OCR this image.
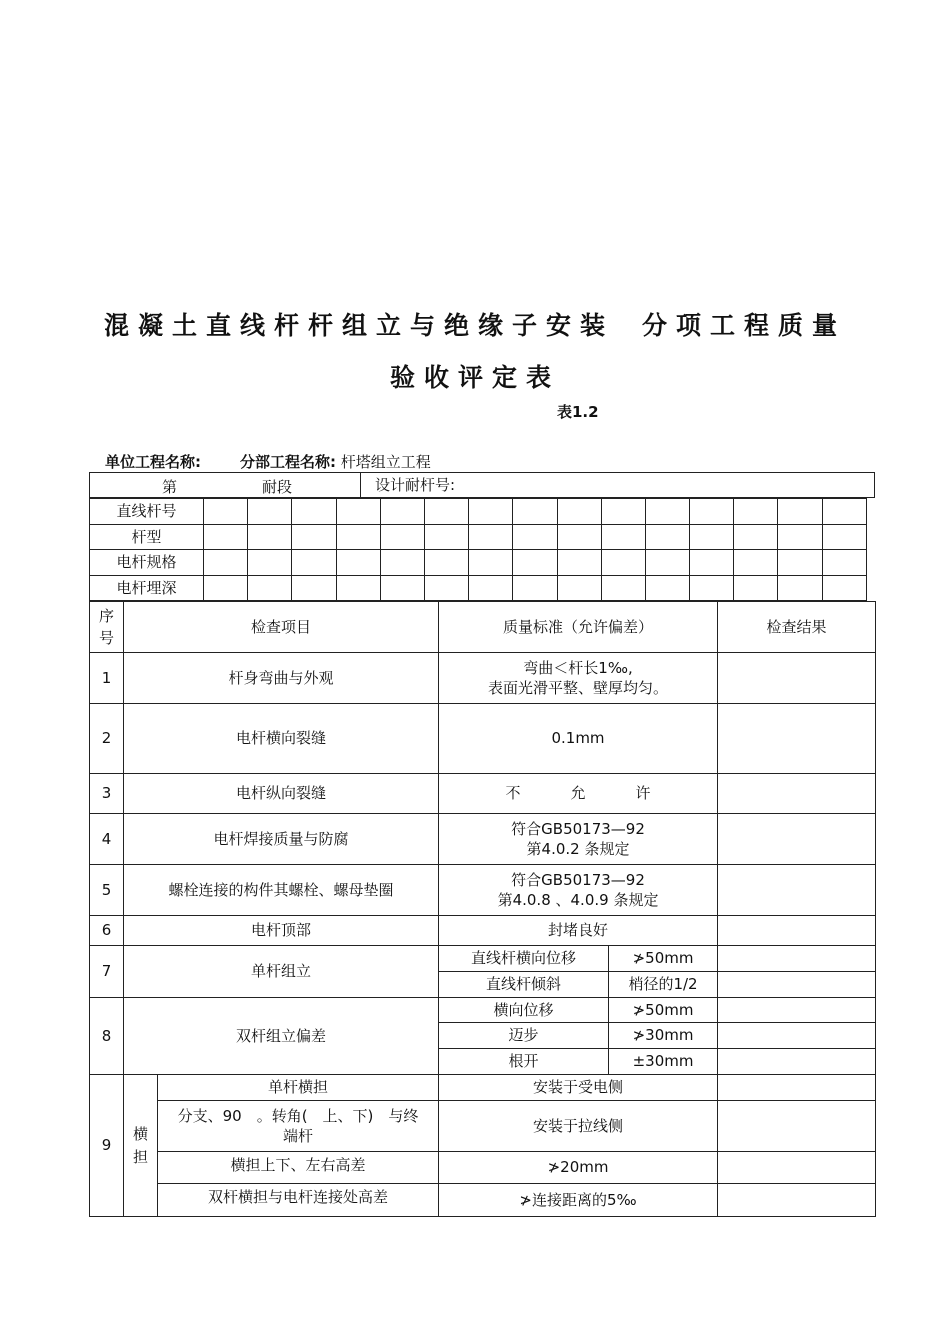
混凝土直线杆杆组立与绝缘子安装 分项工程质量
验收评定表
表1.2
单位工程名称:	分部工程名称: 杆塔组立工程
第	耐段	设计耐杆号:
直线杆号															
杆型															
电杆规格															
电杆埋深															
序号	检查项目		质量标准（允许偏差）		检查结果
1	杆身弯曲与外观		弯曲＜杆长1‰,
表面光滑平整、壁厚均匀。		

2	电杆横向裂缝		0.1mm		
3	电杆纵向裂缝		不 允 许		
4	电杆焊接质量与防腐		符合GB50173—92
第4.0.2 条规定		

5	螺栓连接的构件其螺栓、螺母垫圈		符合GB50173—92
第4.0.8 、4.0.9 条规定		

6	电杆顶部		封堵良好		
7	单杆组立		直线杆横向位移	≯50mm	
			直线杆倾斜	梢径的1/2	
8	双杆组立偏差		横向位移	≯50mm	
			迈步	≯30mm	
			根开	±30mm	
9	横担	单杆横担	安装于受电侧		
		分支、90　。转角(　上、下)　与终端杆	安装于拉线侧		
		横担上下、左右高差	≯20mm		
		双杆横担与电杆连接处高差	≯连接距离的5‰		
